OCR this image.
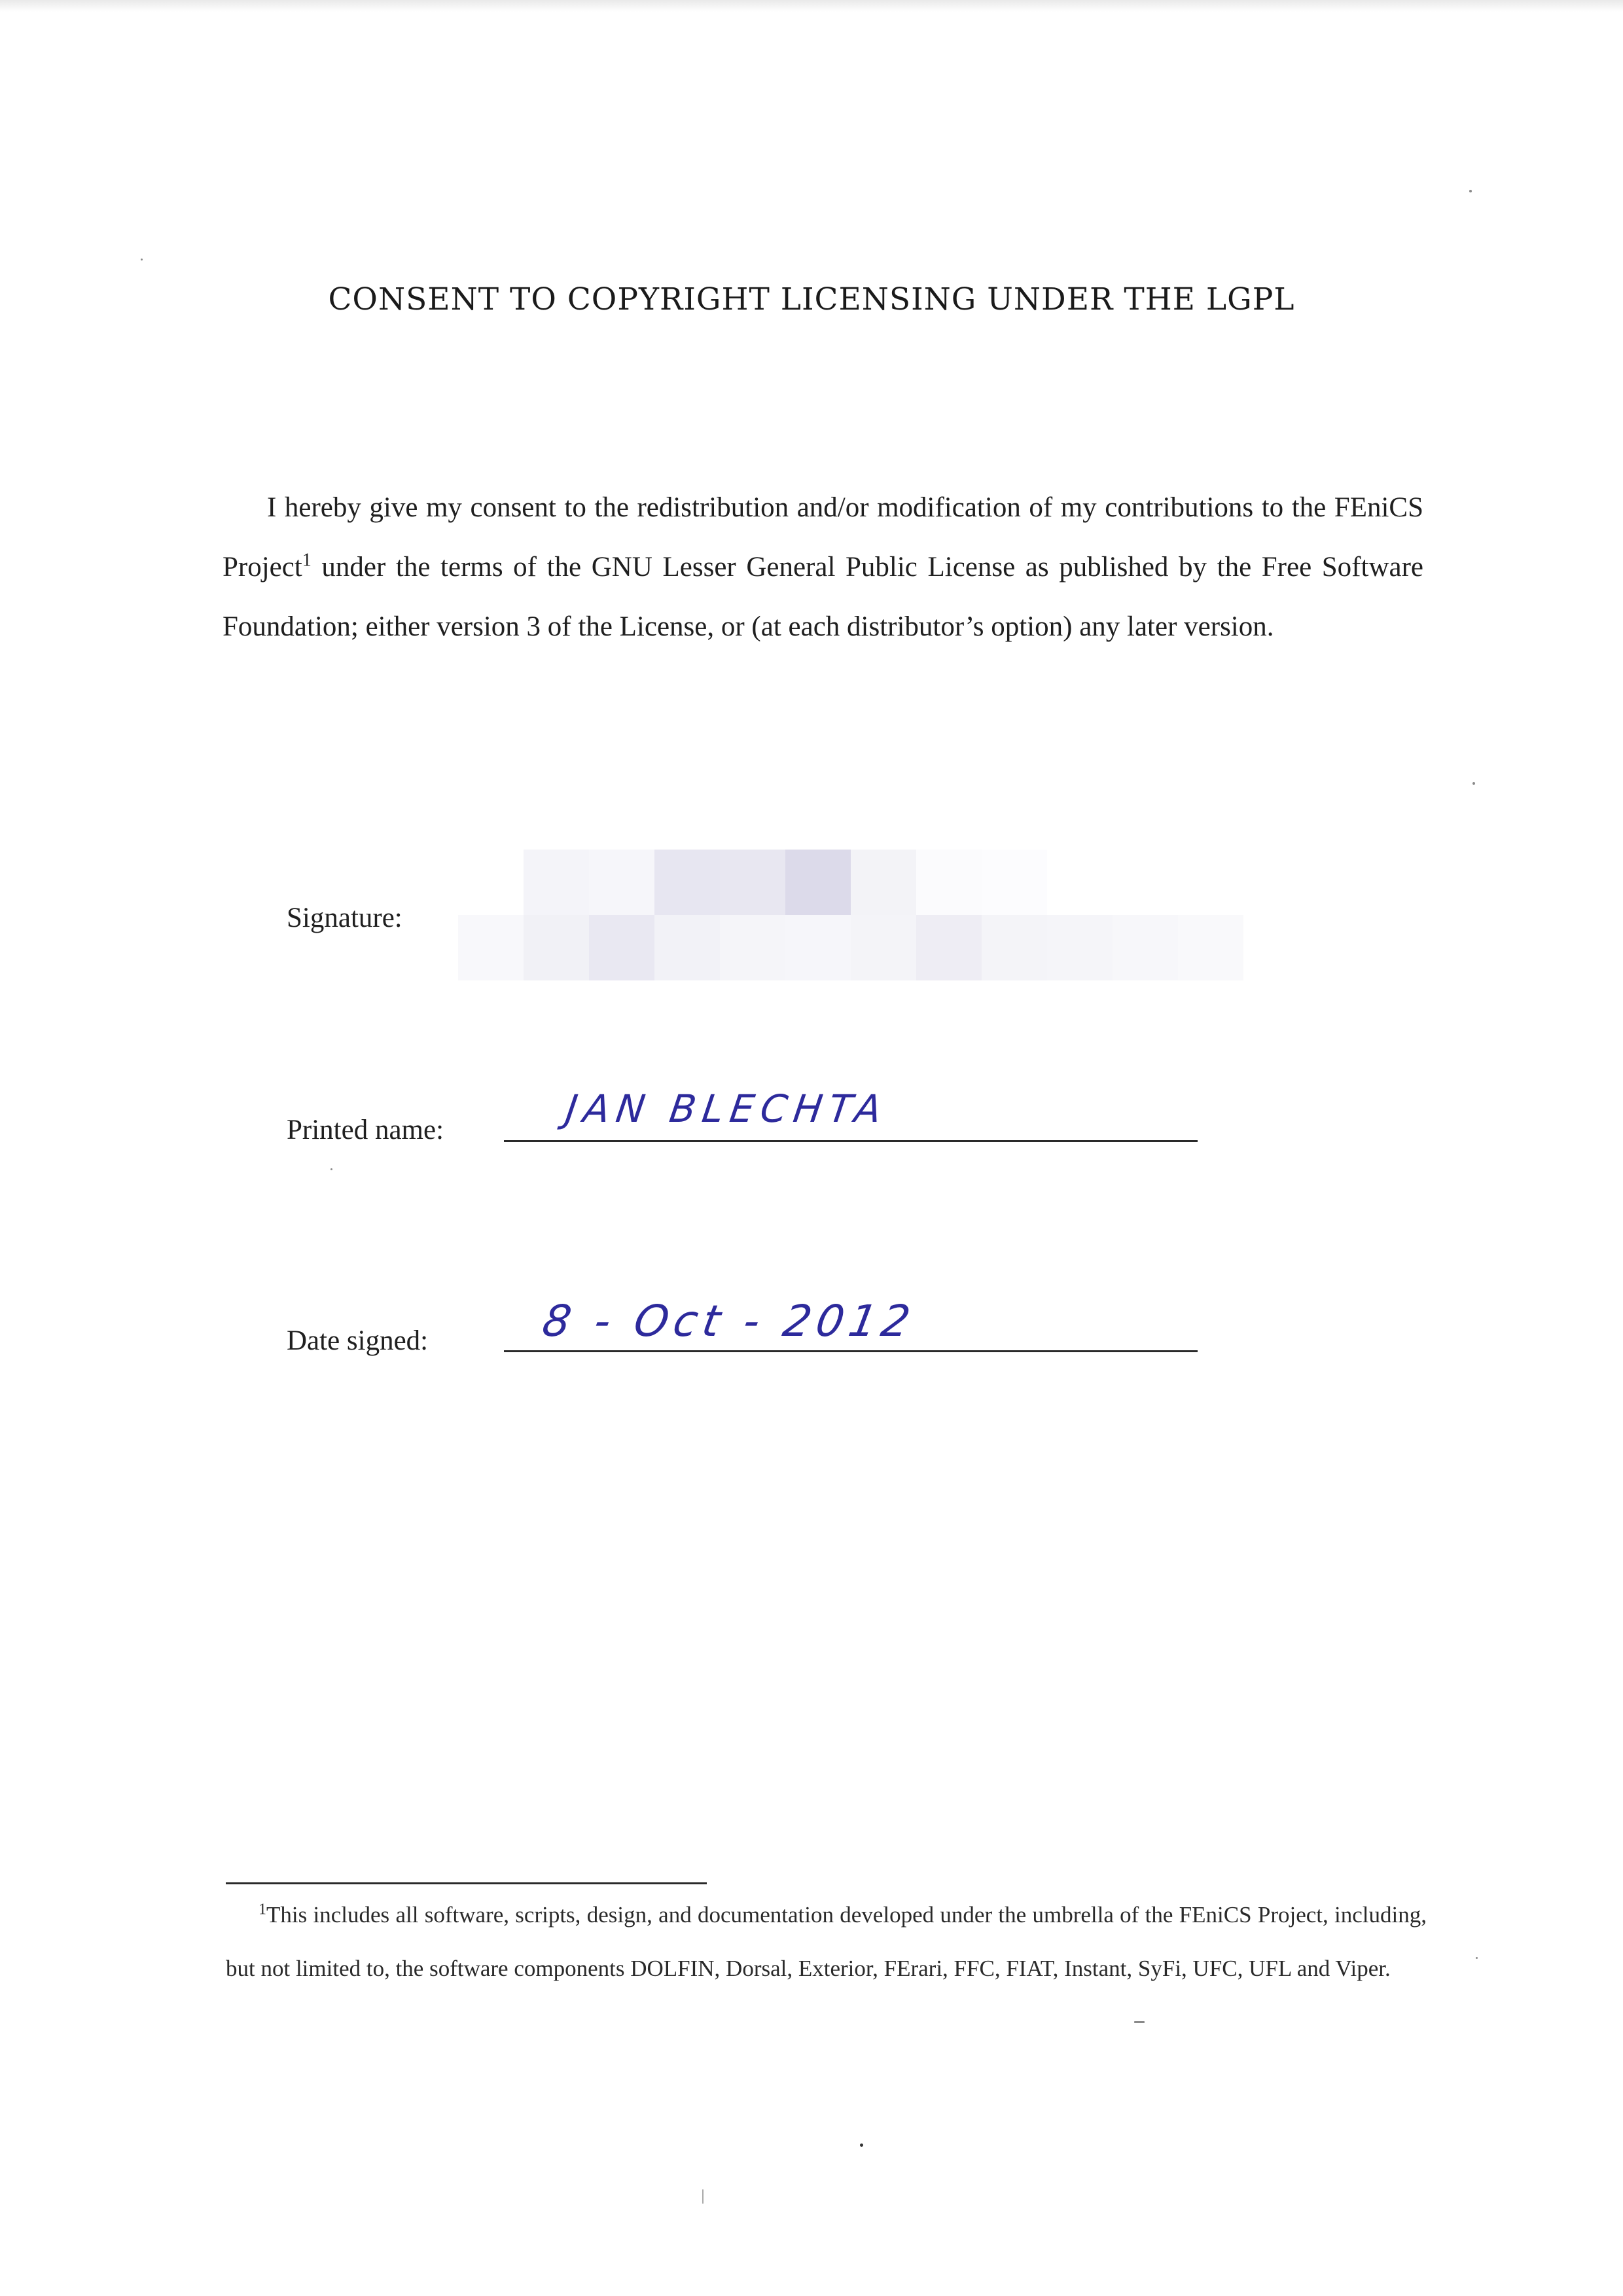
CONSENT TO COPYRIGHT LICENSING UNDER THE LGPL
I hereby give my consent to the redistribution and/or modification of my contributions to the FEniCS Project$^1$ under the terms of the GNU Lesser General Public License as published by the Free Software Foundation; either version 3 of the License, or (at each distributor’s option) any later version.
Signature:
Printed name:	JAN BLECHTA
Date signed:	8 - Oct - 2012
$^1$This includes all software, scripts, design, and documentation developed under the umbrella of the FEniCS Project, including, but not limited to, the software components DOLFIN, Dorsal, Exterior, FErari, FFC, FIAT, Instant, SyFi, UFC, UFL and Viper.
